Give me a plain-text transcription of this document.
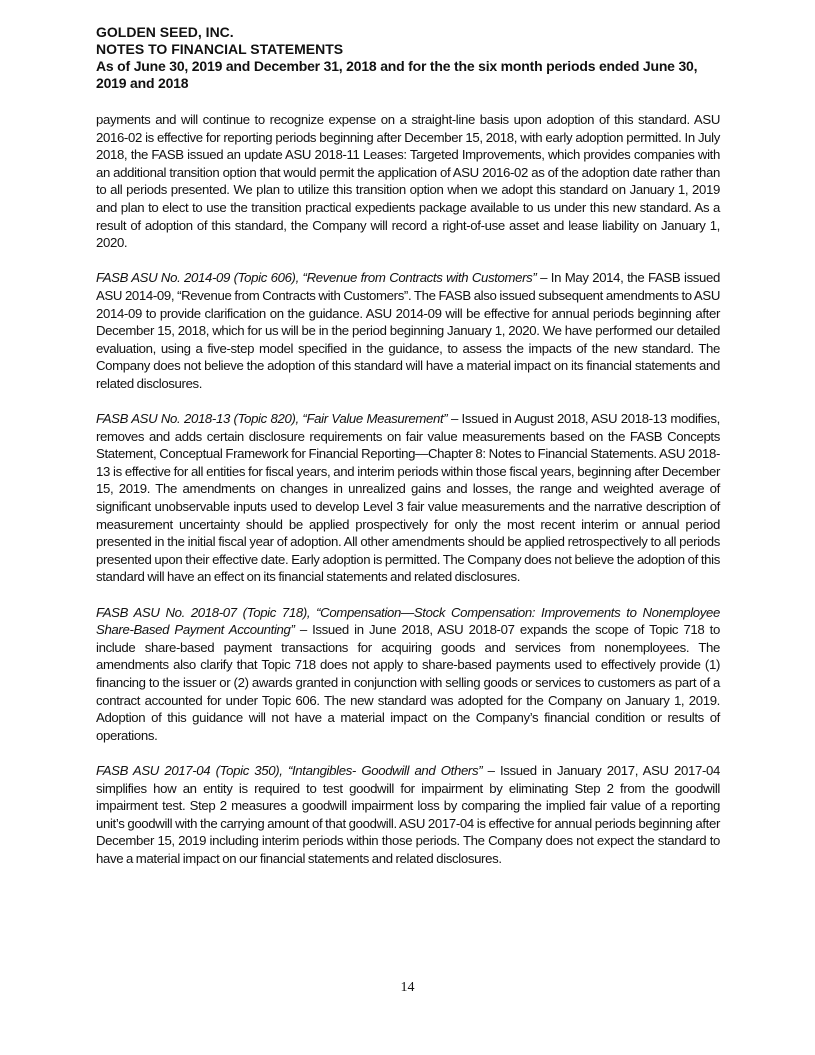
GOLDEN SEED, INC.
NOTES TO FINANCIAL STATEMENTS
As of June 30, 2019 and December 31, 2018 and for the the six month periods ended June 30, 2019 and 2018

payments and will continue to recognize expense on a straight-line basis upon adoption of this standard. ASU 2016-02 is effective for reporting periods beginning after December 15, 2018, with early adoption permitted. In July 2018, the FASB issued an update ASU 2018-11 Leases: Targeted Improvements, which provides companies with an additional transition option that would permit the application of ASU 2016-02 as of the adoption date rather than to all periods presented. We plan to utilize this transition option when we adopt this standard on January 1, 2019 and plan to elect to use the transition practical expedients package available to us under this new standard. As a result of adoption of this standard, the Company will record a right-of-use asset and lease liability on January 1, 2020.

FASB ASU No. 2014-09 (Topic 606), “Revenue from Contracts with Customers” – In May 2014, the FASB issued ASU 2014-09, “Revenue from Contracts with Customers”. The FASB also issued subsequent amendments to ASU 2014-09 to provide clarification on the guidance. ASU 2014-09 will be effective for annual periods beginning after December 15, 2018, which for us will be in the period beginning January 1, 2020. We have performed our detailed evaluation, using a five-step model specified in the guidance, to assess the impacts of the new standard. The Company does not believe the adoption of this standard will have a material impact on its financial statements and related disclosures.

FASB ASU No. 2018-13 (Topic 820), “Fair Value Measurement” – Issued in August 2018, ASU 2018-13 modifies, removes and adds certain disclosure requirements on fair value measurements based on the FASB Concepts Statement, Conceptual Framework for Financial Reporting—Chapter 8: Notes to Financial Statements. ASU 2018-13 is effective for all entities for fiscal years, and interim periods within those fiscal years, beginning after December 15, 2019. The amendments on changes in unrealized gains and losses, the range and weighted average of significant unobservable inputs used to develop Level 3 fair value measurements and the narrative description of measurement uncertainty should be applied prospectively for only the most recent interim or annual period presented in the initial fiscal year of adoption. All other amendments should be applied retrospectively to all periods presented upon their effective date. Early adoption is permitted. The Company does not believe the adoption of this standard will have an effect on its financial statements and related disclosures.

FASB ASU No. 2018-07 (Topic 718), “Compensation—Stock Compensation: Improvements to Nonemployee Share-Based Payment Accounting” – Issued in June 2018, ASU 2018-07 expands the scope of Topic 718 to include share-based payment transactions for acquiring goods and services from nonemployees. The amendments also clarify that Topic 718 does not apply to share-based payments used to effectively provide (1) financing to the issuer or (2) awards granted in conjunction with selling goods or services to customers as part of a contract accounted for under Topic 606. The new standard was adopted for the Company on January 1, 2019. Adoption of this guidance will not have a material impact on the Company’s financial condition or results of operations.

FASB ASU 2017-04 (Topic 350), “Intangibles- Goodwill and Others” – Issued in January 2017, ASU 2017-04 simplifies how an entity is required to test goodwill for impairment by eliminating Step 2 from the goodwill impairment test. Step 2 measures a goodwill impairment loss by comparing the implied fair value of a reporting unit’s goodwill with the carrying amount of that goodwill. ASU 2017-04 is effective for annual periods beginning after December 15, 2019 including interim periods within those periods. The Company does not expect the standard to have a material impact on our financial statements and related disclosures.

14
